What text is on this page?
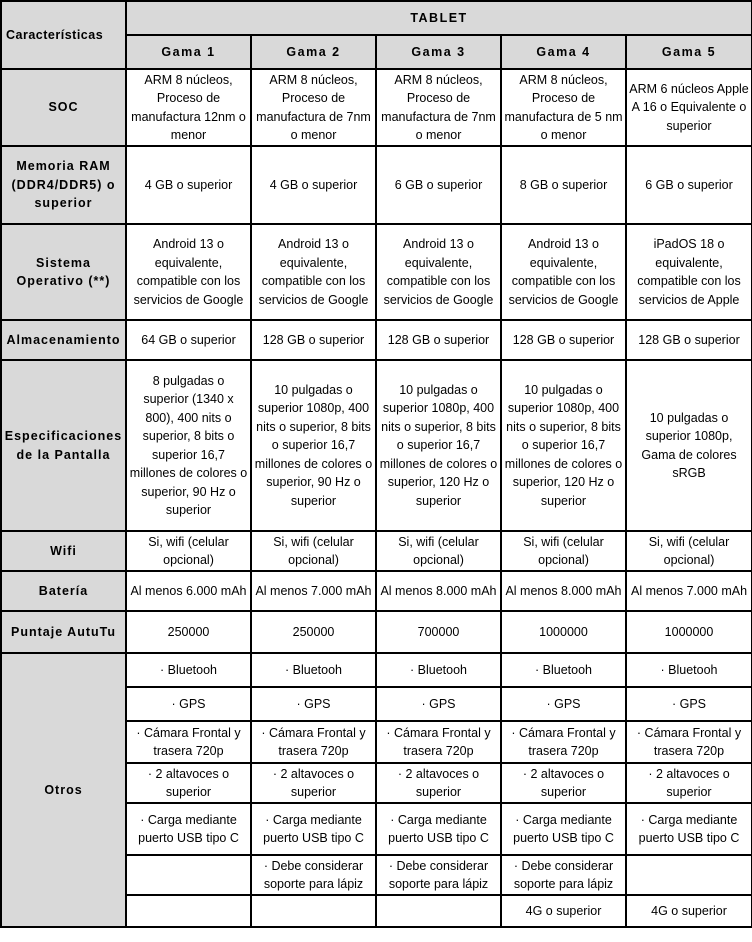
Características	TABLET				
	Gama 1	Gama 2	Gama 3	Gama 4	Gama 5
SOC	ARM 8 núcleos, Proceso de manufactura 12nm o menor	ARM 8 núcleos, Proceso de manufactura de 7nm o menor	ARM 8 núcleos, Proceso de manufactura de 7nm o menor	ARM 8 núcleos, Proceso de manufactura de 5 nm o menor	ARM 6 núcleos Apple A 16 o Equivalente o superior
Memoria RAM (DDR4/DDR5) o superior	4 GB o superior	4 GB o superior	6 GB o superior	8 GB o superior	6 GB o superior
Sistema Operativo (**)	Android 13 o equivalente, compatible con los servicios de Google	Android 13 o equivalente, compatible con los servicios de Google	Android 13 o equivalente, compatible con los servicios de Google	Android 13 o equivalente, compatible con los servicios de Google	iPadOS 18 o equivalente, compatible con los servicios de Apple
Almacenamiento	64 GB o superior	128 GB o superior	128 GB o superior	128 GB o superior	128 GB o superior
Especificaciones de la Pantalla	8 pulgadas o superior (1340 x 800), 400 nits o superior, 8 bits o superior 16,7 millones de colores o superior, 90 Hz o superior	10 pulgadas o superior 1080p, 400 nits o superior, 8 bits o superior 16,7 millones de colores o superior, 90 Hz o superior	10 pulgadas o superior 1080p, 400 nits o superior, 8 bits o superior 16,7 millones de colores o superior, 120 Hz o superior	10 pulgadas o superior 1080p, 400 nits o superior, 8 bits o superior 16,7 millones de colores o superior, 120 Hz o superior	10 pulgadas o superior 1080p, Gama de colores sRGB
Wifi	Si, wifi (celular opcional)	Si, wifi (celular opcional)	Si, wifi (celular opcional)	Si, wifi (celular opcional)	Si, wifi (celular opcional)
Batería	Al menos 6.000 mAh	Al menos 7.000 mAh	Al menos 8.000 mAh	Al menos 8.000 mAh	Al menos 7.000 mAh
Puntaje AutuTu	250000	250000	700000	1000000	1000000
Otros	· Bluetooh	· Bluetooh	· Bluetooh	· Bluetooh	· Bluetooh
	· GPS	· GPS	· GPS	· GPS	· GPS
	· Cámara Frontal y trasera 720p	· Cámara Frontal y trasera 720p	· Cámara Frontal y trasera 720p	· Cámara Frontal y trasera 720p	· Cámara Frontal y trasera 720p
	· 2 altavoces o superior	· 2 altavoces o superior	· 2 altavoces o superior	· 2 altavoces o superior	· 2 altavoces o superior
	· Carga mediante puerto USB tipo C	· Carga mediante puerto USB tipo C	· Carga mediante puerto USB tipo C	· Carga mediante puerto USB tipo C	· Carga mediante puerto USB tipo C
		· Debe considerar soporte para lápiz	· Debe considerar soporte para lápiz	· Debe considerar soporte para lápiz	
				4G o superior	4G o superior
